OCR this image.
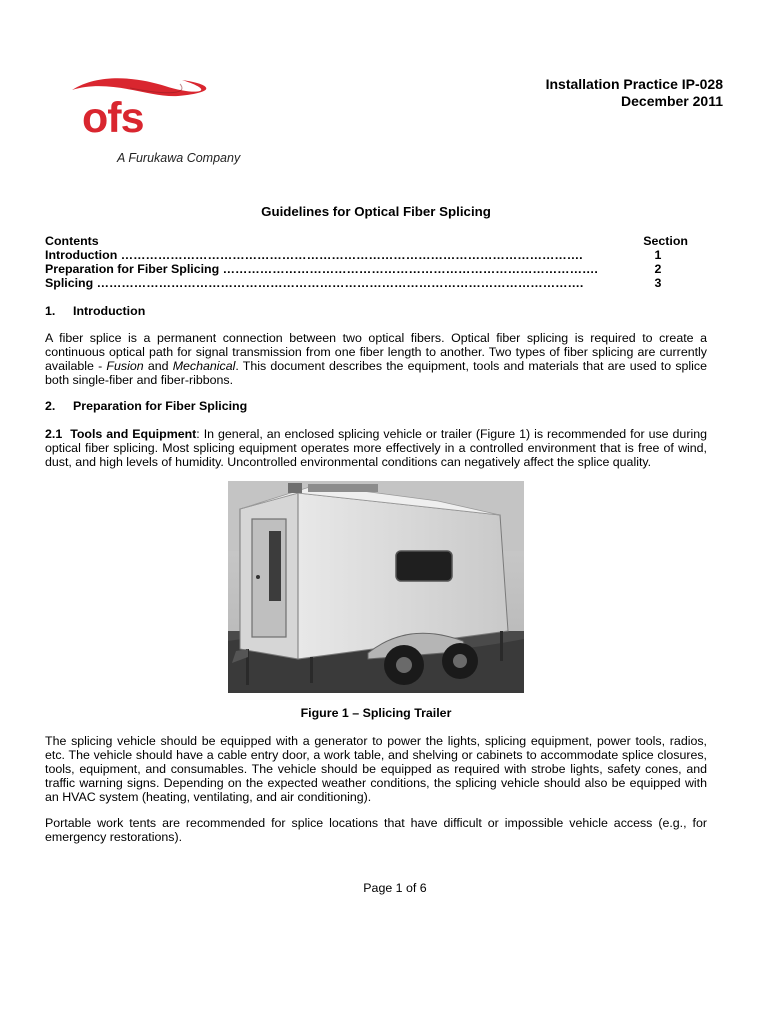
ofs
A Furukawa Company
Installation Practice IP-028
December 2011
Guidelines for Optical Fiber Splicing
Contents	Section
Introduction ………………………………………………………………………………………………….	1
Preparation for Fiber Splicing ……………………………………………………………………………….	2
Splicing ……………………………………………………………………………………………………….	3
1. Introduction
A fiber splice is a permanent connection between two optical fibers. Optical fiber splicing is required to create a continuous optical path for signal transmission from one fiber length to another. Two types of fiber splicing are currently available - Fusion and Mechanical. This document describes the equipment, tools and materials that are used to splice both single-fiber and fiber-ribbons.
2. Preparation for Fiber Splicing
2.1 Tools and Equipment: In general, an enclosed splicing vehicle or trailer (Figure 1) is recommended for use during optical fiber splicing. Most splicing equipment operates more effectively in a controlled environment that is free of wind, dust, and high levels of humidity. Uncontrolled environmental conditions can negatively affect the splice quality.
Figure 1 – Splicing Trailer
The splicing vehicle should be equipped with a generator to power the lights, splicing equipment, power tools, radios, etc. The vehicle should have a cable entry door, a work table, and shelving or cabinets to accommodate splice closures, tools, equipment, and consumables. The vehicle should be equipped as required with strobe lights, safety cones, and traffic warning signs. Depending on the expected weather conditions, the splicing vehicle should also be equipped with an HVAC system (heating, ventilating, and air conditioning).
Portable work tents are recommended for splice locations that have difficult or impossible vehicle access (e.g., for emergency restorations).
Page 1 of 6
